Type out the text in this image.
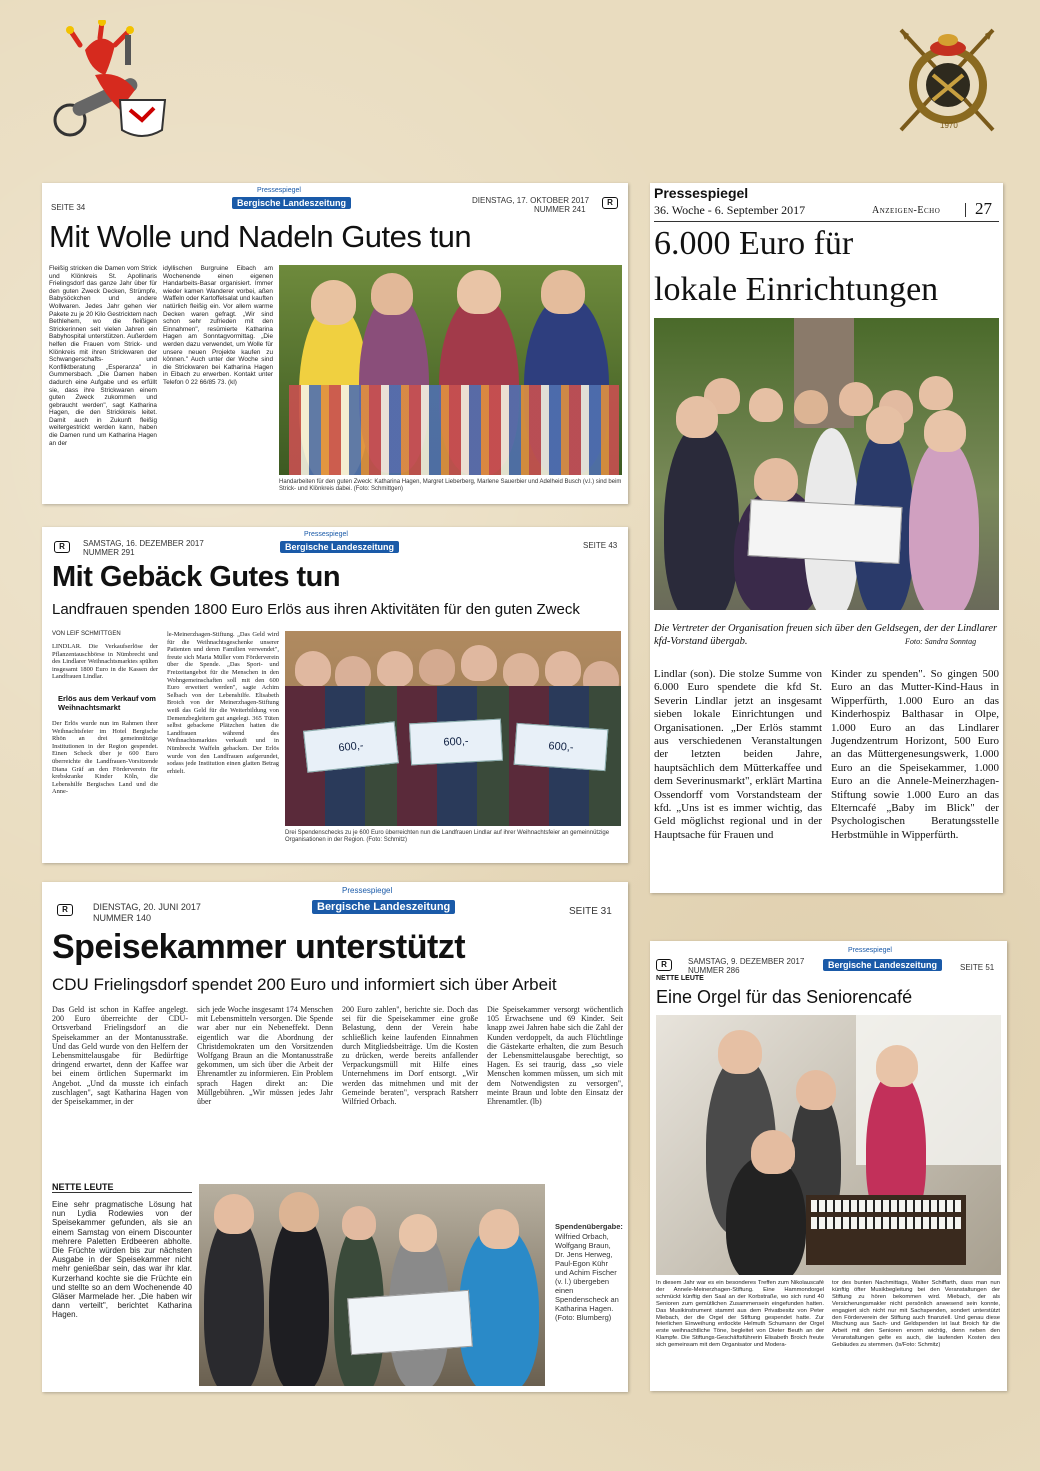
1970
SEITE 34
Pressespiegel
Bergische Landeszeitung	DIENSTAG, 17. OKTOBER 2017
NUMMER 241
R
Mit Wolle und Nadeln Gutes tun
Fleißig stricken die Damen vom Strick und Klönkreis St. Apollinaris Frielingsdorf das ganze Jahr über für den guten Zweck Decken, Strümpfe, Babysöckchen und andere Wollwaren. Jedes Jahr gehen vier Pakete zu je 20 Kilo Gestricktem nach Bethlehem, wo die fleißigen Strickerinnen seit vielen Jahren ein Babyhospital unterstützen. Außerdem helfen die Frauen vom Strick- und Klönkreis mit ihren Strickwaren der Schwangerschafts- und Konfliktberatung „Esperanza" in Gummersbach. „Die Damen haben dadurch eine Aufgabe und es erfüllt sie, dass ihre Strickwaren einem guten Zweck zukommen und gebraucht werden", sagt Katharina Hagen, die den Strickkreis leitet. Damit auch in Zukunft fleißig weitergestrickt werden kann, haben die Damen rund um Katharina Hagen an der
idyllischen Burgruine Eibach am Wochenende einen eigenen Handarbeits-Basar organisiert. Immer wieder kamen Wanderer vorbei, aßen Waffeln oder Kartoffelsalat und kauften natürlich fleißig ein. Vor allem warme Decken waren gefragt. „Wir sind schon sehr zufrieden mit den Einnahmen", resümierte Katharina Hagen am Sonntagvormittag. „Die werden dazu verwendet, um Wolle für unsere neuen Projekte kaufen zu können." Auch unter der Woche sind die Strickwaren bei Katharina Hagen in Eibach zu erwerben. Kontakt unter Telefon 0 22 66/85 73. (kl)
Handarbeiten für den guten Zweck: Katharina Hagen, Margret Lieberberg, Marlene Sauerbier und Adelheid Busch (v.l.) sind beim Strick- und Klönkreis dabei. (Foto: Schmittgen)
R	SAMSTAG, 16. DEZEMBER 2017
NUMMER 291
Pressespiegel
Bergische Landeszeitung	SEITE 43
Mit Gebäck Gutes tun
Landfrauen spenden 1800 Euro Erlös aus ihren Aktivitäten für den guten Zweck
VON LEIF SCHMITTGEN
LINDLAR. Die Verkaufserlöse der Pflanzentauschbörse in Nümbrecht und des Lindlarer Weihnachtsmarktes spülten insgesamt 1800 Euro in die Kassen der Landfrauen Lindlar.
Erlös aus dem Verkauf vom Weihnachtsmarkt
Der Erlös wurde nun im Rahmen ihrer Weihnachtsfeier im Hotel Bergische Rhön an drei gemeinnützige Institutionen in der Region gespendet. Einen Scheck über je 600 Euro überreichte die Landfrauen-Vorsitzende Diana Gräf an den Förderverein für krebskranke Kinder Köln, die Lebenshilfe Bergisches Land und die Anne-
le-Meinerzhagen-Stiftung. „Das Geld wird für die Weihnachtsgeschenke unserer Patienten und deren Familien verwendet", freute sich Maria Müller vom Förderverein über die Spende. „Das Sport- und Freizeitangebot für die Menschen in den Wohngemeinschaften soll mit den 600 Euro erweitert werden", sagte Achim Selbach von der Lebenshilfe. Elisabeth Broich von der Meinerzhagen-Stiftung weiß das Geld für die Weiterbildung von Demenzbegleitern gut angelegt. 365 Tüten selbst gebackene Plätzchen hatten die Landfrauen während des Weihnachtsmarktes verkauft und in Nümbrecht Waffeln gebacken. Der Erlös wurde von den Landfrauen aufgerundet, sodass jede Institution einen glatten Betrag erhielt.
600,-	600,-	600,-
Drei Spendenschecks zu je 600 Euro überreichten nun die Landfrauen Lindlar auf ihrer Weihnachtsfeier an gemeinnützige Organisationen in der Region. (Foto: Schmitz)
R	DIENSTAG, 20. JUNI 2017
NUMMER 140
Pressespiegel
Bergische Landeszeitung	SEITE 31
Speisekammer unterstützt
CDU Frielingsdorf spendet 200 Euro und informiert sich über Arbeit
Das Geld ist schon in Kaffee angelegt. 200 Euro überreichte der CDU-Ortsverband Frielingsdorf an die Speisekammer an der Montanusstraße. Und das Geld wurde von den Helfern der Lebensmittelausgabe für Bedürftige dringend erwartet, denn der Kaffee war bei einem örtlichen Supermarkt im Angebot. „Und da musste ich einfach zuschlagen", sagt Katharina Hagen von der Speisekammer, in der
sich jede Woche insgesamt 174 Menschen mit Lebensmitteln versorgen. Die Spende war aber nur ein Nebeneffekt. Denn eigentlich war die Abordnung der Christdemokraten um den Vorsitzenden Wolfgang Braun an die Montanusstraße gekommen, um sich über die Arbeit der Ehrenamtler zu informieren. Ein Problem sprach Hagen direkt an: Die Müllgebühren. „Wir müssen jedes Jahr über
200 Euro zahlen", berichte sie. Doch das sei für die Speisekammer eine große Belastung, denn der Verein habe schließlich keine laufenden Einnahmen durch Mitgliedsbeiträge. Um die Kosten zu drücken, werde bereits anfallender Verpackungsmüll mit Hilfe eines Unternehmens im Dorf entsorgt. „Wir werden das mitnehmen und mit der Gemeinde beraten", versprach Ratsherr Wilfried Orbach.
Die Speisekammer versorgt wöchentlich 105 Erwachsene und 69 Kinder. Seit knapp zwei Jahren habe sich die Zahl der Kunden verdoppelt, da auch Flüchtlinge die Gästekarte erhalten, die zum Besuch der Lebensmittelausgabe berechtigt, so Hagen. Es sei traurig, dass „so viele Menschen kommen müssen, um sich mit dem Notwendigsten zu versorgen", meinte Braun und lobte den Einsatz der Ehrenamtler. (lb)
NETTE LEUTE
Eine sehr pragmatische Lösung hat nun Lydia Rodewies von der Speisekammer gefunden, als sie an einem Samstag von einem Discounter mehrere Paletten Erdbeeren abholte. Die Früchte würden bis zur nächsten Ausgabe in der Speisekammer nicht mehr genießbar sein, das war ihr klar. Kurzerhand kochte sie die Früchte ein und stellte so an dem Wochenende 40 Gläser Marmelade her. „Die haben wir dann verteilt", berichtet Katharina Hagen.
Spendenübergabe:
Wilfried Orbach, Wolfgang Braun, Dr. Jens Herweg, Paul-Egon Kühr und Achim Fischer (v. l.) übergeben einen Spendenscheck an Katharina Hagen. (Foto: Blumberg)
Pressespiegel
36. Woche - 6. September 2017	Anzeigen-Echo 27
6.000 Euro für
lokale Einrichtungen
Die Vertreter der Organisation freuen sich über den Geldsegen, der der Lindlarer kfd-Vorstand übergab.	Foto: Sandra Sonntag
Lindlar (son). Die stolze Summe von 6.000 Euro spendete die kfd St. Severin Lindlar jetzt an insgesamt sieben lokale Einrichtungen und Organisationen. „Der Erlös stammt aus verschiedenen Veranstaltungen der letzten beiden Jahre, hauptsächlich dem Mütterkaffee und dem Severinusmarkt", erklärt Martina Ossendorff vom Vorstandsteam der kfd. „Uns ist es immer wichtig, das Geld möglichst regional und in der Hauptsache für Frauen und
Kinder zu spenden". So gingen 500 Euro an das Mutter-Kind-Haus in Wipperfürth, 1.000 Euro an das Kinderhospiz Balthasar in Olpe, 1.000 Euro an das Lindlarer Jugendzentrum Horizont, 500 Euro an das Müttergenesungswerk, 1.000 Euro an die Speisekammer, 1.000 Euro an die Annele-Meinerzhagen-Stiftung sowie 1.000 Euro an das Elterncafé „Baby im Blick" der Psychologischen Beratungsstelle Herbstmühle in Wipperfürth.
Pressespiegel
R	SAMSTAG, 9. DEZEMBER 2017
NUMMER 286
Bergische Landeszeitung	SEITE 51
NETTE LEUTE
Eine Orgel für das Seniorencafé
In diesem Jahr war es ein besonderes Treffen zum Nikolauscafé der Annele-Meinerzhagen-Stiftung. Eine Hammondorgel schmückt künftig den Saal an der Korbstraße, wo sich rund 40 Senioren zum gemütlichen Zusammensein eingefunden hatten. Das Musikinstrument stammt aus dem Privatbesitz von Peter Miebach, der die Orgel der Stiftung gespendet hatte. Zur feierlichen Einweihung entlockte Helmuth Schumann der Orgel erste weihnachtliche Töne, begleitet von Dieter Beuth an der Klampfe. Die Stiftungs-Geschäftsführerin Elisabeth Broich freute sich gemeinsam mit dem Organisator und Modera-
tor des bunten Nachmittags, Walter Schiffarth, dass man nun künftig öfter Musikbegleitung bei den Veranstaltungen der Stiftung zu hören bekommen wird. Miebach, der als Versicherungsmakler nicht persönlich anwesend sein konnte, engagiert sich nicht nur mit Sachspenden, sondert unterstützt den Förderverein der Stiftung auch finanziell. Und genau diese Mischung aus Sach- und Geldspenden ist laut Broich für die Arbeit mit den Senioren enorm wichtig, denn neben den Veranstaltungen gelte es auch, die laufenden Kosten des Gebäudes zu stemmen. (ls/Foto: Schmitz)
